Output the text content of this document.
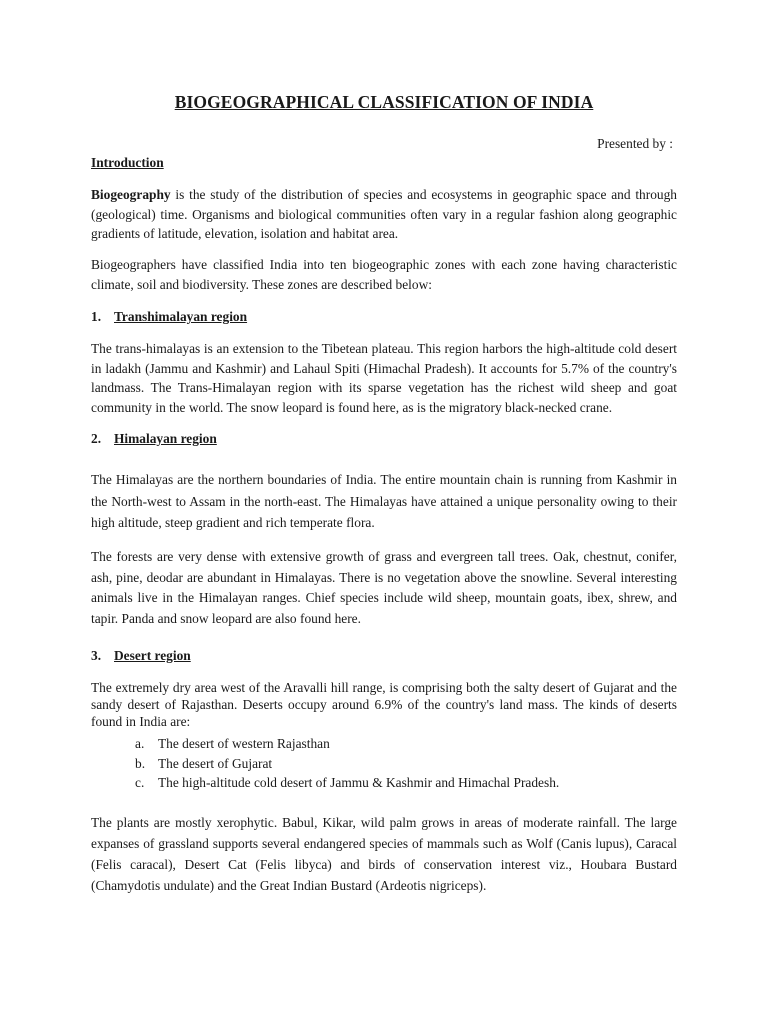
BIOGEOGRAPHICAL CLASSIFICATION OF INDIA

Presented by :

Introduction

Biogeography is the study of the distribution of species and ecosystems in geographic space and through (geological) time. Organisms and biological communities often vary in a regular fashion along geographic gradients of latitude, elevation, isolation and habitat area.

Biogeographers have classified India into ten biogeographic zones with each zone having characteristic climate, soil and biodiversity. These zones are described below:

1. Transhimalayan region

The trans-himalayas is an extension to the Tibetean plateau. This region harbors the high-altitude cold desert in ladakh (Jammu and Kashmir) and Lahaul Spiti (Himachal Pradesh). It accounts for 5.7% of the country's landmass. The Trans-Himalayan region with its sparse vegetation has the richest wild sheep and goat community in the world. The snow leopard is found here, as is the migratory black-necked crane.

2. Himalayan region

The Himalayas are the northern boundaries of India. The entire mountain chain is running from Kashmir in the North-west to Assam in the north-east. The Himalayas have attained a unique personality owing to their high altitude, steep gradient and rich temperate flora.

The forests are very dense with extensive growth of grass and evergreen tall trees. Oak, chestnut, conifer, ash, pine, deodar are abundant in Himalayas. There is no vegetation above the snowline. Several interesting animals live in the Himalayan ranges. Chief species include wild sheep, mountain goats, ibex, shrew, and tapir. Panda and snow leopard are also found here.

3. Desert region

The extremely dry area west of the Aravalli hill range, is comprising both the salty desert of Gujarat and the sandy desert of Rajasthan. Deserts occupy around 6.9% of the country's land mass. The kinds of deserts found in India are:

a.	The desert of western Rajasthan
b. The desert of Gujarat
c.	The high-altitude cold desert of Jammu & Kashmir and Himachal Pradesh.

The plants are mostly xerophytic. Babul, Kikar, wild palm grows in areas of moderate rainfall. The large expanses of grassland supports several endangered species of mammals such as Wolf (Canis lupus), Caracal (Felis caracal), Desert Cat (Felis libyca) and birds of conservation interest viz., Houbara Bustard (Chamydotis undulate) and the Great Indian Bustard (Ardeotis nigriceps).
